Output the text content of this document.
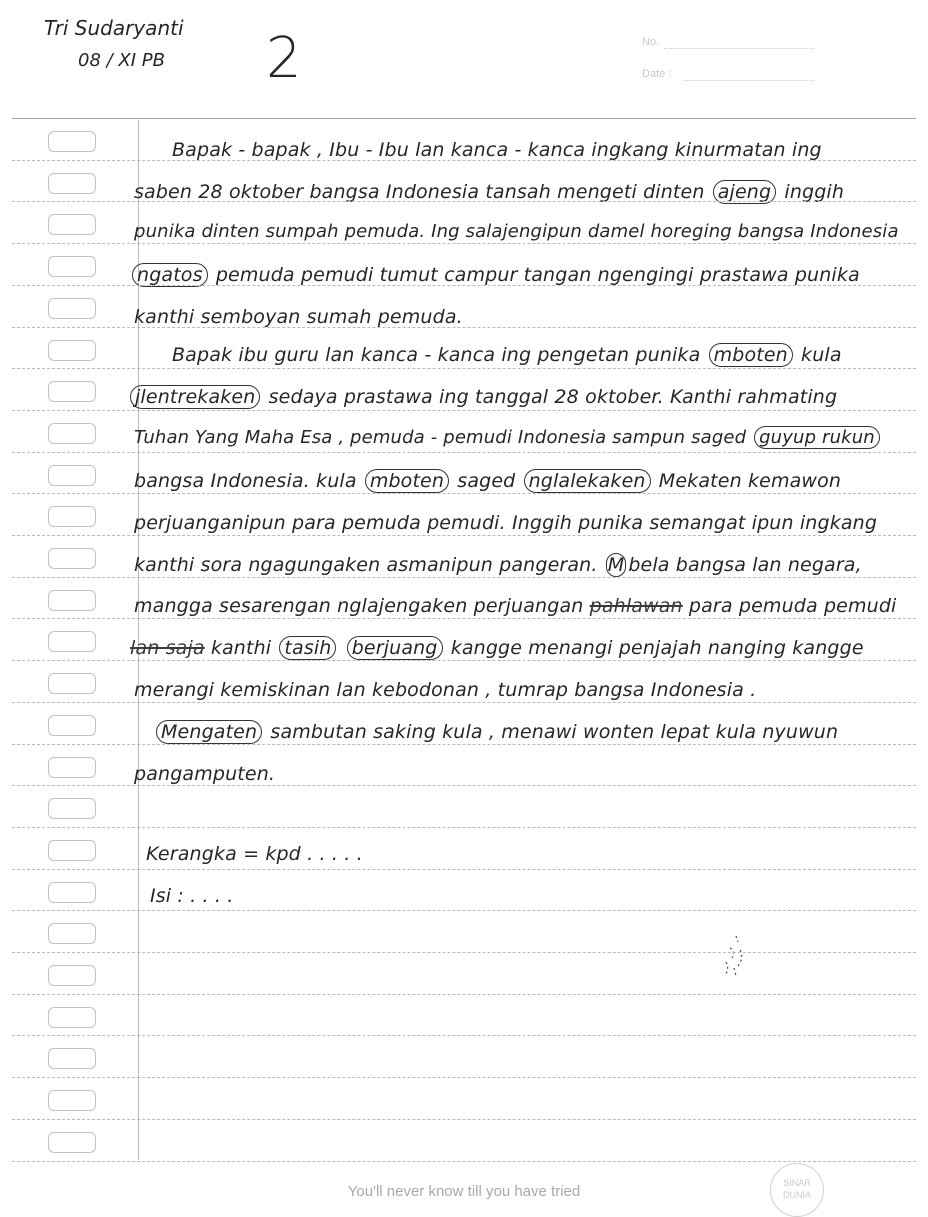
No.
Date :
Tri Sudaryanti
08 / XI PB 2
Bapak - bapak , Ibu - Ibu lan kanca - kanca ingkang kinurmatan ing
saben 28 oktober bangsa Indonesia tansah mengeti dinten ajeng inggih
punika dinten sumpah pemuda. Ing salajengipun damel horeging bangsa Indonesia
ngatos pemuda pemudi tumut campur tangan ngengingi prastawa punika
kanthi semboyan sumah pemuda.
Bapak ibu guru lan kanca - kanca ing pengetan punika mboten kula
jlentrekaken sedaya prastawa ing tanggal 28 oktober. Kanthi rahmating
Tuhan Yang Maha Esa , pemuda - pemudi Indonesia sampun saged guyup rukun
bangsa Indonesia. kula mboten saged nglalekaken Mekaten kemawon
perjuanganipun para pemuda pemudi. Inggih punika semangat ipun ingkang
kanthi sora ngagungaken asmanipun pangeran. M bela bangsa lan negara,
mangga sesarengan nglajengaken perjuangan pahlawan para pemuda pemudi
lan saja kanthi tasih berjuang kangge menangi penjajah nanging kangge
merangi kemiskinan lan kebodonan , tumrap bangsa Indonesia .
Mengaten sambutan saking kula , menawi wonten lepat kula nyuwun
pangamputen.
Kerangka = kpd . . . . .
Isi : . . . .
You'll never know till you have tried	SINAR
DUNIA
